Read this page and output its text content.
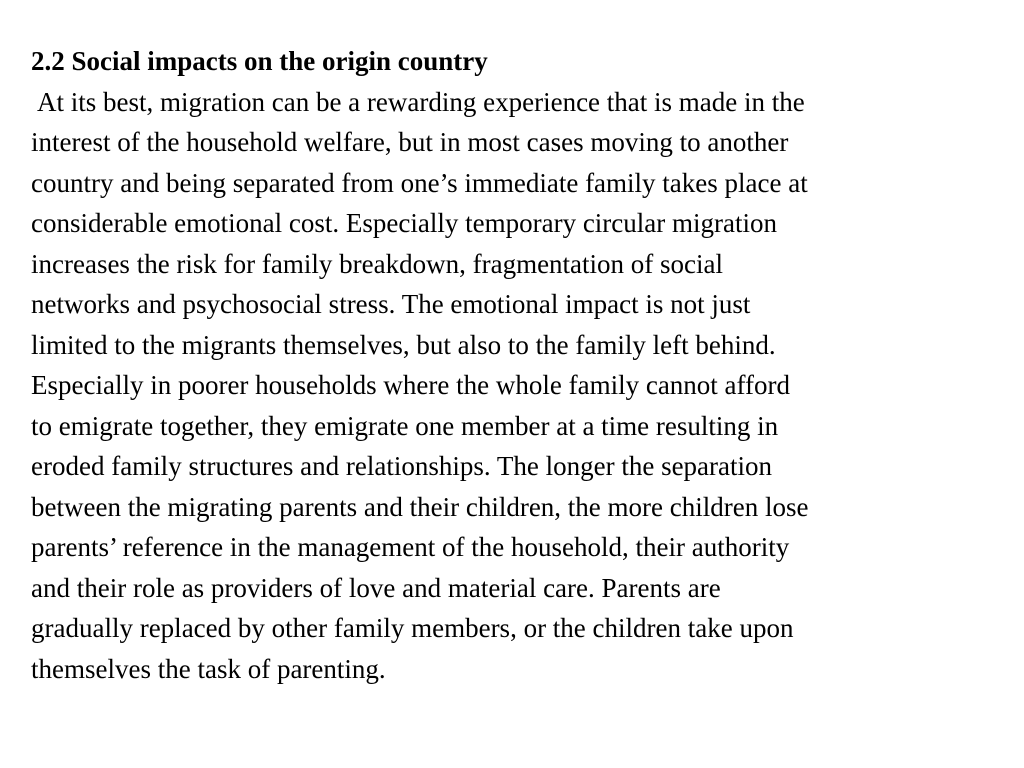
2.2 Social impacts on the origin country

At its best, migration can be a rewarding experience that is made in the

interest of the household welfare, but in most cases moving to another

country and being separated from one’s immediate family takes place at

considerable emotional cost. Especially temporary circular migration

increases the risk for family breakdown, fragmentation of social

networks and psychosocial stress. The emotional impact is not just

limited to the migrants themselves, but also to the family left behind.

Especially in poorer households where the whole family cannot afford

to emigrate together, they emigrate one member at a time resulting in

eroded family structures and relationships. The longer the separation

between the migrating parents and their children, the more children lose

parents’ reference in the management of the household, their authority

and their role as providers of love and material care. Parents are

gradually replaced by other family members, or the children take upon

themselves the task of parenting.
